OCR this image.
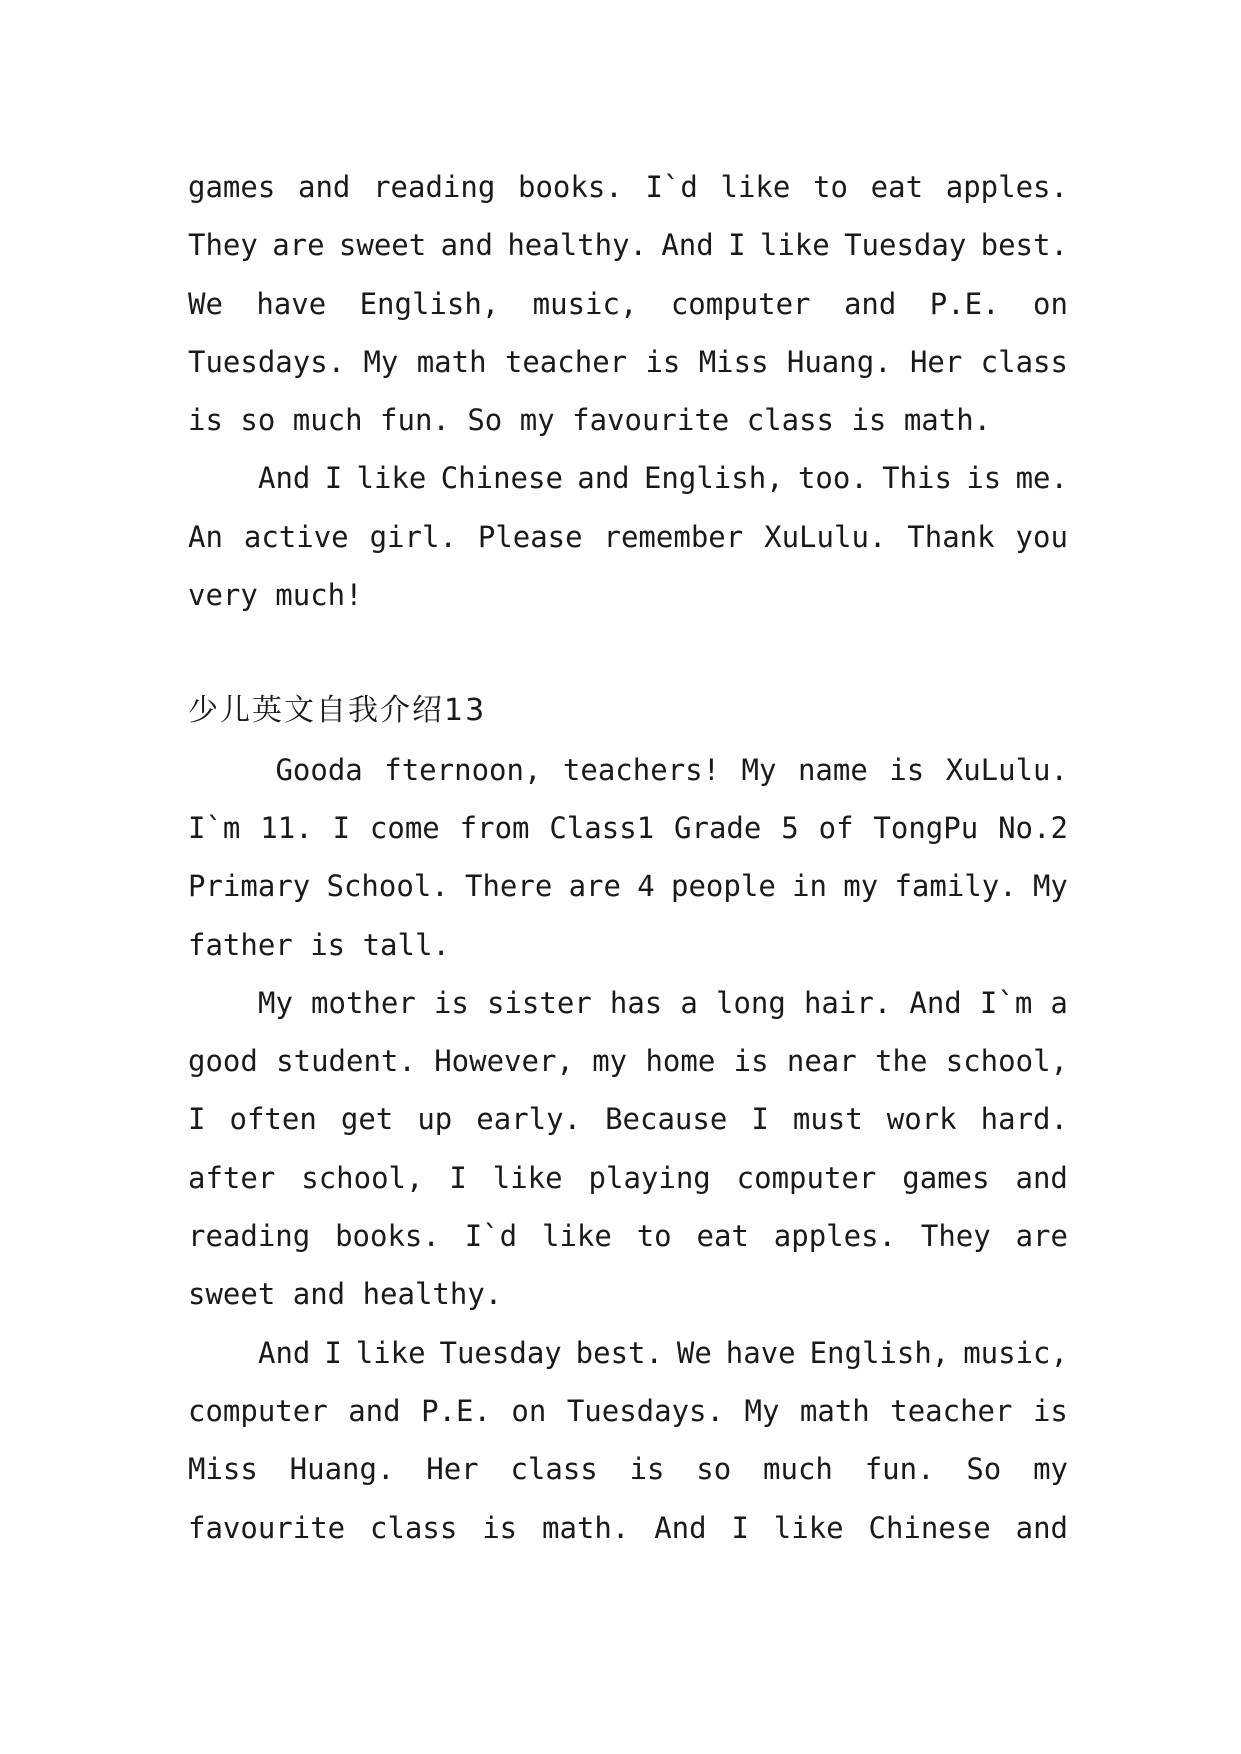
games and reading books. I`d like to eat apples.
They are sweet and healthy. And I like Tuesday best.
We have English, music, computer and P.E. on
Tuesdays. My math teacher is Miss Huang. Her class
is so much fun. So my favourite class is math.
And I like Chinese and English, too. This is me.
An active girl. Please remember XuLulu. Thank you
very much!
少儿英文自我介绍13
Gooda fternoon, teachers! My name is XuLulu.
I`m 11. I come from Class1 Grade 5 of TongPu No.2
Primary School. There are 4 people in my family. My
father is tall.
My mother is sister has a long hair. And I`m a
good student. However, my home is near the school,
I often get up early. Because I must work hard.
after school, I like playing computer games and
reading books. I`d like to eat apples. They are
sweet and healthy.
And I like Tuesday best. We have English, music,
computer and P.E. on Tuesdays. My math teacher is
Miss Huang. Her class is so much fun. So my
favourite class is math. And I like Chinese and
